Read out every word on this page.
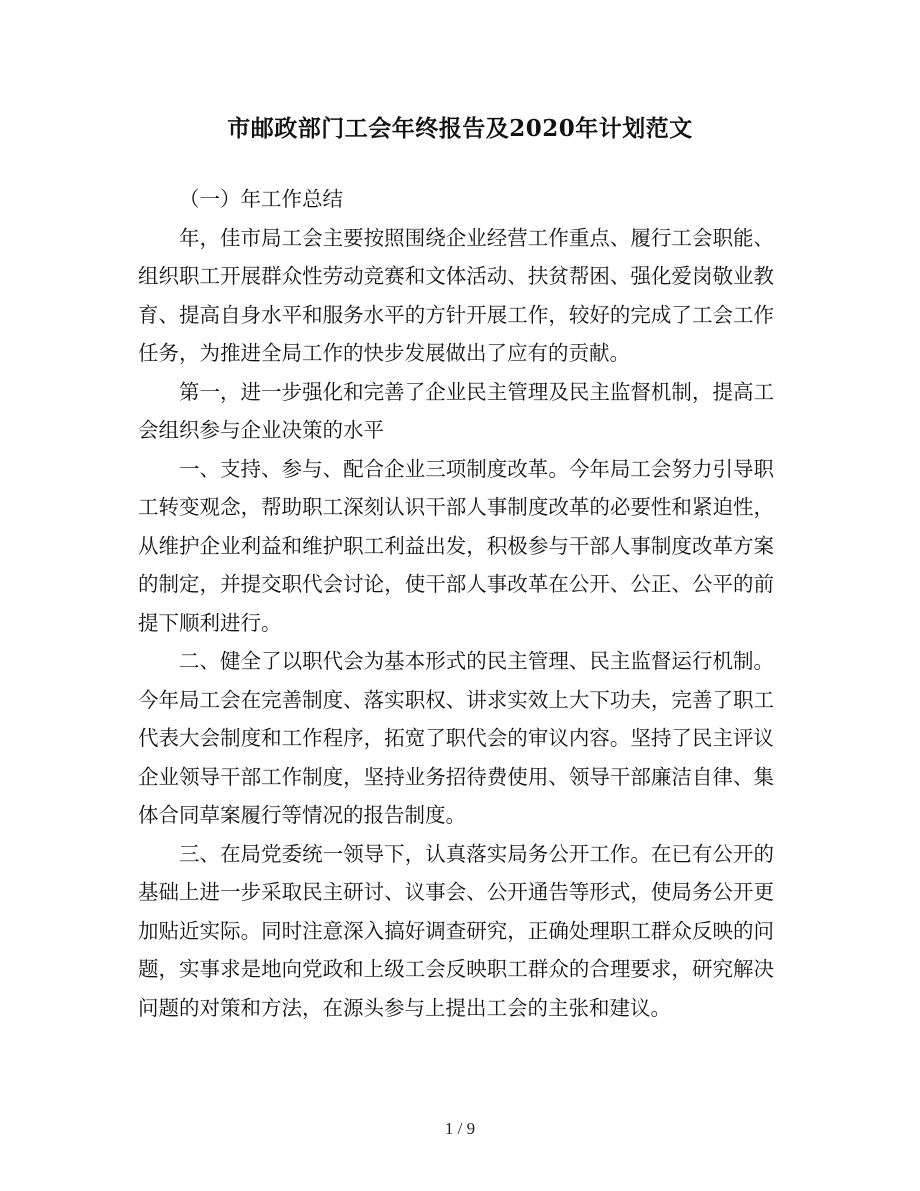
市邮政部门工会年终报告及2020年计划范文

（一）年工作总结

年，佳市局工会主要按照围绕企业经营工作重点、履行工会职能、组织职工开展群众性劳动竞赛和文体活动、扶贫帮困、强化爱岗敬业教育、提高自身水平和服务水平的方针开展工作，较好的完成了工会工作任务，为推进全局工作的快步发展做出了应有的贡献。

第一，进一步强化和完善了企业民主管理及民主监督机制，提高工会组织参与企业决策的水平

一、支持、参与、配合企业三项制度改革。今年局工会努力引导职工转变观念，帮助职工深刻认识干部人事制度改革的必要性和紧迫性，从维护企业利益和维护职工利益出发，积极参与干部人事制度改革方案的制定，并提交职代会讨论，使干部人事改革在公开、公正、公平的前提下顺利进行。

二、健全了以职代会为基本形式的民主管理、民主监督运行机制。今年局工会在完善制度、落实职权、讲求实效上大下功夫，完善了职工代表大会制度和工作程序，拓宽了职代会的审议内容。坚持了民主评议企业领导干部工作制度，坚持业务招待费使用、领导干部廉洁自律、集体合同草案履行等情况的报告制度。

三、在局党委统一领导下，认真落实局务公开工作。在已有公开的基础上进一步采取民主研讨、议事会、公开通告等形式，使局务公开更加贴近实际。同时注意深入搞好调查研究，正确处理职工群众反映的问题，实事求是地向党政和上级工会反映职工群众的合理要求，研究解决问题的对策和方法，在源头参与上提出工会的主张和建议。

1 / 9
